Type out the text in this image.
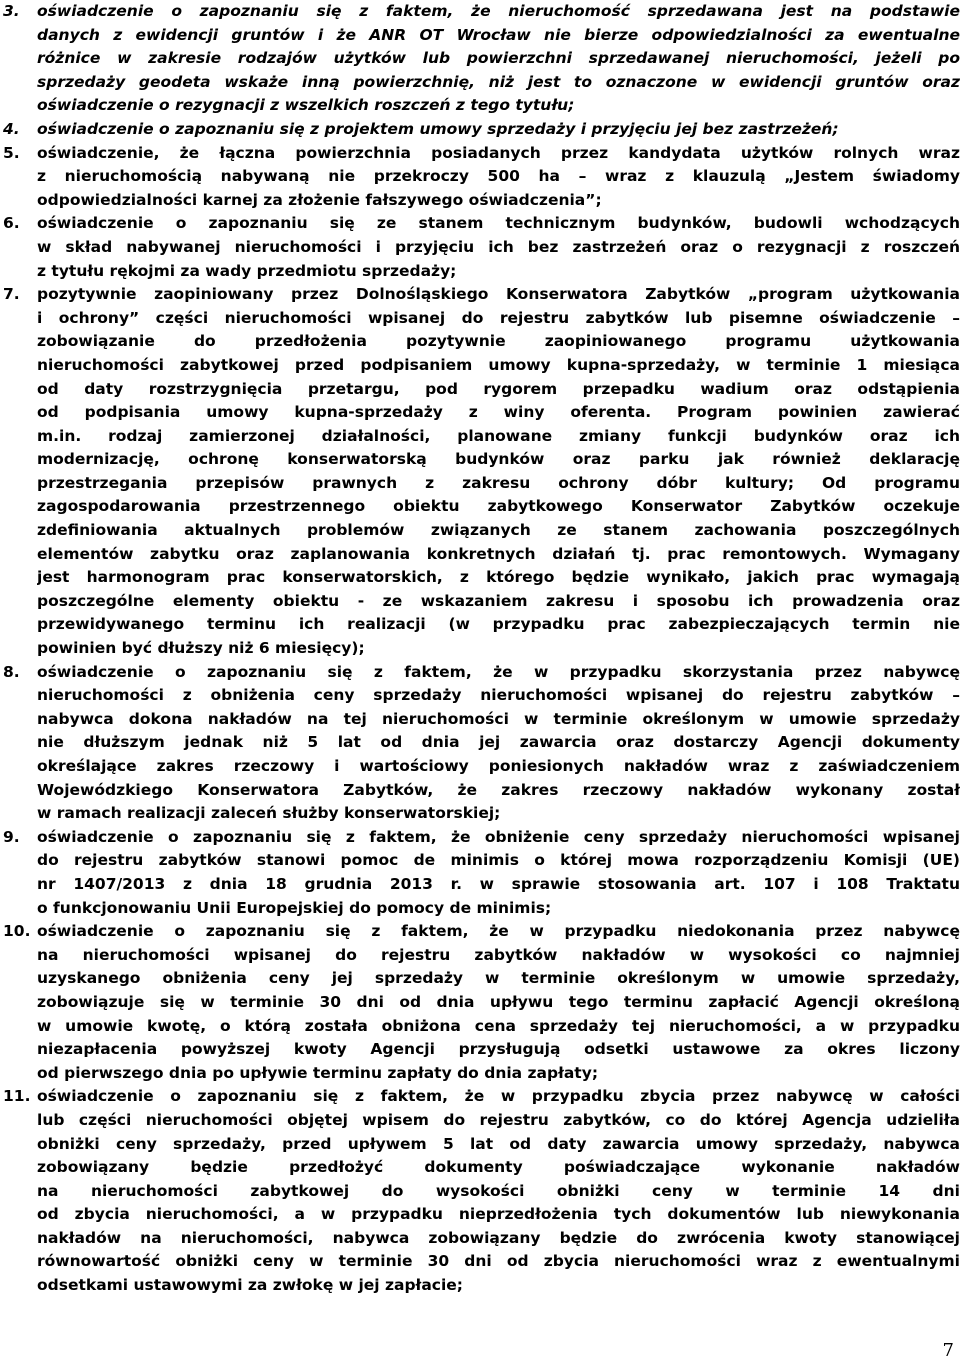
3. oświadczenie o zapoznaniu się z faktem, że nieruchomość sprzedawana jest na podstawie
danych z ewidencji gruntów i że ANR OT Wrocław nie bierze odpowiedzialności za ewentualne
różnice w zakresie rodzajów użytków lub powierzchni sprzedawanej nieruchomości, jeżeli po
sprzedaży geodeta wskaże inną powierzchnię, niż jest to oznaczone w ewidencji gruntów oraz
oświadczenie o rezygnacji z wszelkich roszczeń z tego tytułu;
4. oświadczenie o zapoznaniu się z projektem umowy sprzedaży i przyjęciu jej bez zastrzeżeń;
5. oświadczenie, że łączna powierzchnia posiadanych przez kandydata użytków rolnych wraz
z nieruchomością nabywaną nie przekroczy 500 ha – wraz z klauzulą „Jestem świadomy
odpowiedzialności karnej za złożenie fałszywego oświadczenia”;
6. oświadczenie o zapoznaniu się ze stanem technicznym budynków, budowli wchodzących
w skład nabywanej nieruchomości i przyjęciu ich bez zastrzeżeń oraz o rezygnacji z roszczeń
z tytułu rękojmi za wady przedmiotu sprzedaży;
7. pozytywnie zaopiniowany przez Dolnośląskiego Konserwatora Zabytków „program użytkowania
i ochrony” części nieruchomości wpisanej do rejestru zabytków lub pisemne oświadczenie –
zobowiązanie do przedłożenia pozytywnie zaopiniowanego programu użytkowania
nieruchomości zabytkowej przed podpisaniem umowy kupna-sprzedaży, w terminie 1 miesiąca
od daty rozstrzygnięcia przetargu, pod rygorem przepadku wadium oraz odstąpienia
od podpisania umowy kupna-sprzedaży z winy oferenta. Program powinien zawierać
m.in. rodzaj zamierzonej działalności, planowane zmiany funkcji budynków oraz ich
modernizację, ochronę konserwatorską budynków oraz parku jak również deklarację
przestrzegania przepisów prawnych z zakresu ochrony dóbr kultury; Od programu
zagospodarowania przestrzennego obiektu zabytkowego Konserwator Zabytków oczekuje
zdefiniowania aktualnych problemów związanych ze stanem zachowania poszczególnych
elementów zabytku oraz zaplanowania konkretnych działań tj. prac remontowych. Wymagany
jest harmonogram prac konserwatorskich, z którego będzie wynikało, jakich prac wymagają
poszczególne elementy obiektu - ze wskazaniem zakresu i sposobu ich prowadzenia oraz
przewidywanego terminu ich realizacji (w przypadku prac zabezpieczających termin nie
powinien być dłuższy niż 6 miesięcy);
8. oświadczenie o zapoznaniu się z faktem, że w przypadku skorzystania przez nabywcę
nieruchomości z obniżenia ceny sprzedaży nieruchomości wpisanej do rejestru zabytków –
nabywca dokona nakładów na tej nieruchomości w terminie określonym w umowie sprzedaży
nie dłuższym jednak niż 5 lat od dnia jej zawarcia oraz dostarczy Agencji dokumenty
określające zakres rzeczowy i wartościowy poniesionych nakładów wraz z zaświadczeniem
Wojewódzkiego Konserwatora Zabytków, że zakres rzeczowy nakładów wykonany został
w ramach realizacji zaleceń służby konserwatorskiej;
9. oświadczenie o zapoznaniu się z faktem, że obniżenie ceny sprzedaży nieruchomości wpisanej
do rejestru zabytków stanowi pomoc de minimis o której mowa rozporządzeniu Komisji (UE)
nr 1407/2013 z dnia 18 grudnia 2013 r. w sprawie stosowania art. 107 i 108 Traktatu
o funkcjonowaniu Unii Europejskiej do pomocy de minimis;
10. oświadczenie o zapoznaniu się z faktem, że w przypadku niedokonania przez nabywcę
na nieruchomości wpisanej do rejestru zabytków nakładów w wysokości co najmniej
uzyskanego obniżenia ceny jej sprzedaży w terminie określonym w umowie sprzedaży,
zobowiązuje się w terminie 30 dni od dnia upływu tego terminu zapłacić Agencji określoną
w umowie kwotę, o którą została obniżona cena sprzedaży tej nieruchomości, a w przypadku
niezapłacenia powyższej kwoty Agencji przysługują odsetki ustawowe za okres liczony
od pierwszego dnia po upływie terminu zapłaty do dnia zapłaty;
11. oświadczenie o zapoznaniu się z faktem, że w przypadku zbycia przez nabywcę w całości
lub części nieruchomości objętej wpisem do rejestru zabytków, co do której Agencja udzieliła
obniżki ceny sprzedaży, przed upływem 5 lat od daty zawarcia umowy sprzedaży, nabywca
zobowiązany będzie przedłożyć dokumenty poświadczające wykonanie nakładów
na nieruchomości zabytkowej do wysokości obniżki ceny w terminie 14 dni
od zbycia nieruchomości, a w przypadku nieprzedłożenia tych dokumentów lub niewykonania
nakładów na nieruchomości, nabywca zobowiązany będzie do zwrócenia kwoty stanowiącej
równowartość obniżki ceny w terminie 30 dni od zbycia nieruchomości wraz z ewentualnymi
odsetkami ustawowymi za zwłokę w jej zapłacie;
7
